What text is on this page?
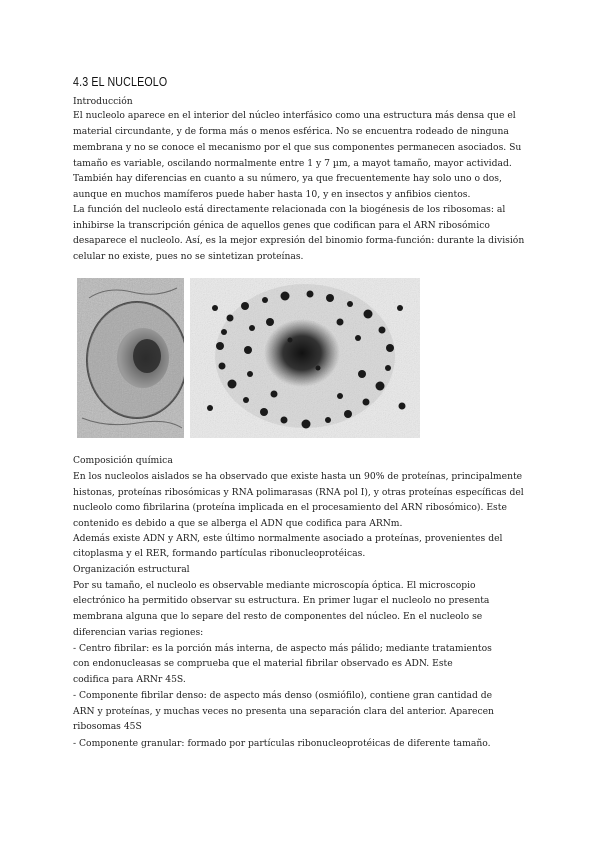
4.3 EL NUCLEOLO
Introducción
El nucleolo aparece en el interior del núcleo interfásico como una estructura más densa que el
material circundante, y de forma más o menos esférica. No se encuentra rodeado de ninguna
membrana y no se conoce el mecanismo por el que sus componentes permanecen asociados. Su
tamaño es variable, oscilando normalmente entre 1 y 7 µm, a mayot tamaño, mayor actividad.
También hay diferencias en cuanto a su número, ya que frecuentemente hay solo uno o dos,
aunque en muchos mamíferos puede haber hasta 10, y en insectos y anfibios cientos.
La función del nucleolo está directamente relacionada con la biogénesis de los ribosomas: al
inhibirse la transcripción génica de aquellos genes que codifican para el ARN ribosómico
desaparece el nucleolo. Así, es la mejor expresión del binomio forma-función: durante la división
celular no existe, pues no se sintetizan proteínas.
Composición química
En los nucleolos aislados se ha observado que existe hasta un 90% de proteínas, principalmente
histonas, proteínas ribosómicas y RNA polimarasas (RNA pol I), y otras proteínas específicas del
nucleolo como fibrilarina (proteína implicada en el procesamiento del ARN ribosómico). Este
contenido es debido a que se alberga el ADN que codifica para ARNm.
Además existe ADN y ARN, este último normalmente asociado a proteínas, provenientes del
citoplasma y el RER, formando partículas ribonucleoprotéicas.
Organización estructural
Por su tamaño, el nucleolo es observable mediante microscopía óptica. El microscopio
electrónico ha permitido observar su estructura. En primer lugar el nucleolo no presenta
membrana alguna que lo separe del resto de componentes del núcleo. En el nucleolo se
diferencian varias regiones:
- Centro fibrilar: es la porción más interna, de aspecto más pálido; mediante tratamientos
con endonucleasas se comprueba que el material fibrilar observado es ADN. Este
codifica para ARNr 45S.
- Componente fibrilar denso: de aspecto más denso (osmiófilo), contiene gran cantidad de
ARN y proteínas, y muchas veces no presenta una separación clara del anterior. Aparecen
ribosomas 45S
- Componente granular: formado por partículas ribonucleoprotéicas de diferente tamaño.
